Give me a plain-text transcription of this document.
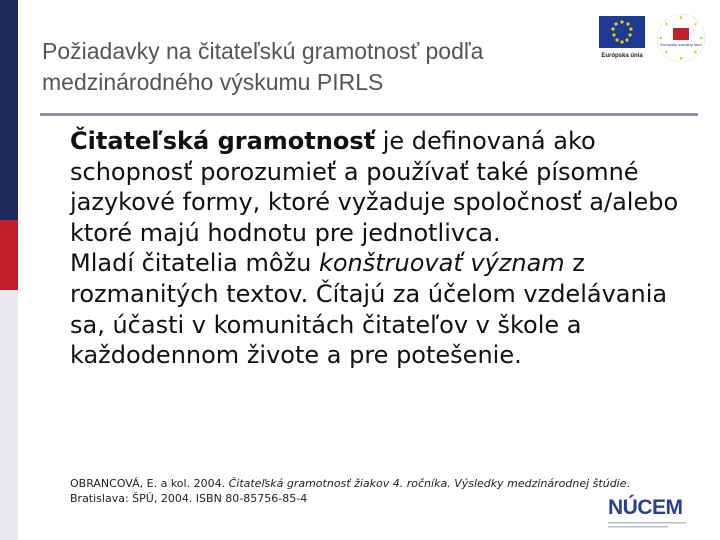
Požiadavky na čitateľskú gramotnosť podľa
medzinárodného výskumu PIRLS
Európska únia
Európsky sociálny fond

Čitateľská gramotnosť je definovaná ako schopnosť porozumieť a používať také písomné jazykové formy, ktoré vyžaduje spoločnosť a/alebo ktoré majú hodnotu pre jednotlivca.

Mladí čitatelia môžu konštruovať význam z rozmanitých textov. Čítajú za účelom vzdelávania sa, účasti v komunitách čitateľov v škole a každodennom živote a pre potešenie.

OBRANCOVÁ, E. a kol. 2004. Čitateľská gramotnosť žiakov 4. ročníka. Výsledky medzinárodnej štúdie. Bratislava: ŠPÚ, 2004. ISBN 80-85756-85-4	NÚCEM
